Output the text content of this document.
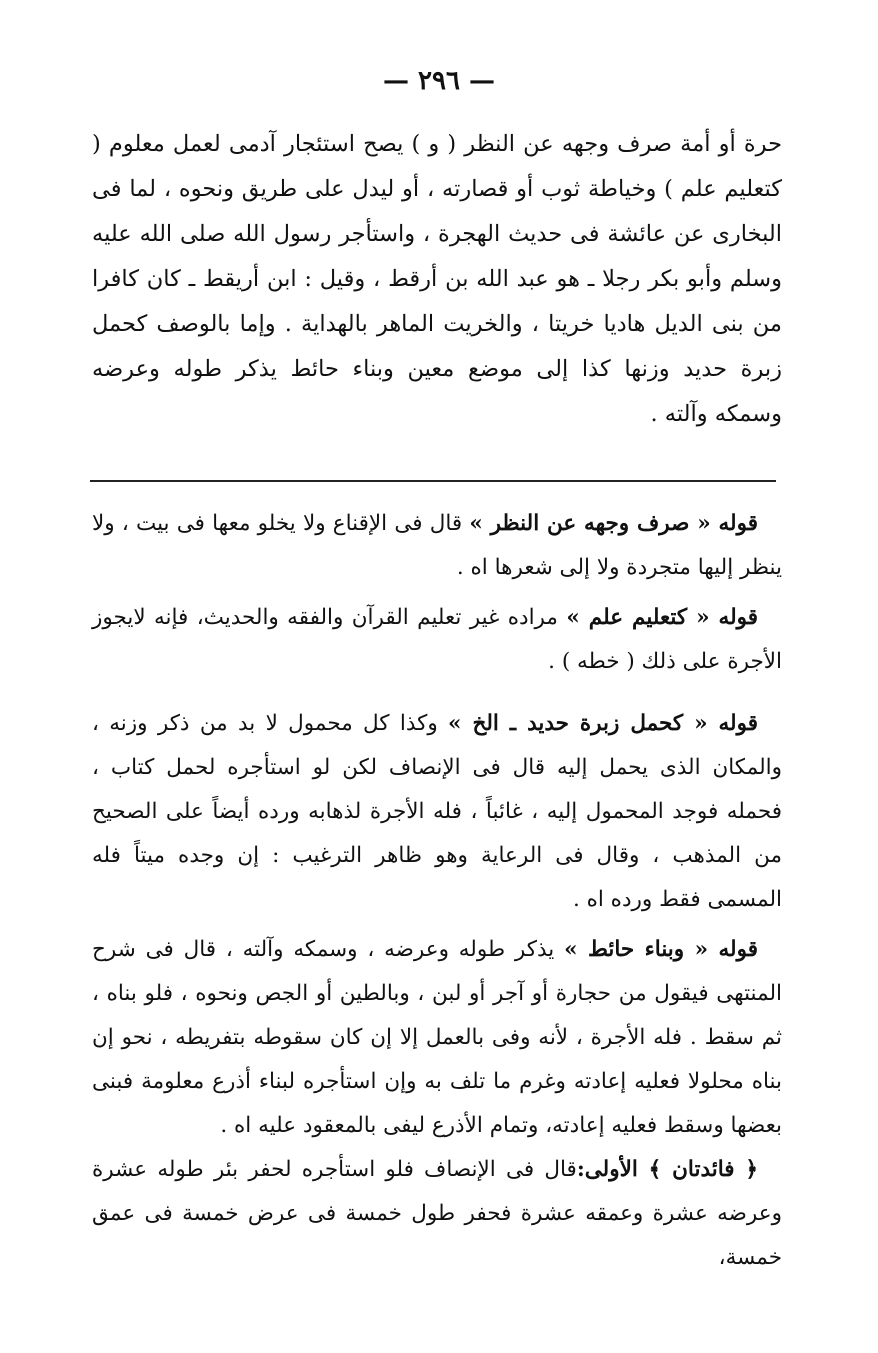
— ٢٩٦ —
حرة أو أمة صرف وجهه عن النظر ( و ) يصح استئجار آدمى لعمل معلوم ( كتعليم علم ) وخياطة ثوب أو قصارته ، أو ليدل على طريق ونحوه ، لما فى البخارى عن عائشة فى حديث الهجرة ، واستأجر رسول الله صلى الله عليه وسلم وأبو بكر رجلا ـ هو عبد الله بن أرقط ، وقيل : ابن أريقط ـ كان كافرا من بنى الديل هاديا خريتا ، والخريت الماهر بالهداية . وإما بالوصف كحمل زبرة حديد وزنها كذا إلى موضع معين وبناء حائط يذكر طوله وعرضه وسمكه وآلته .

قوله « صرف وجهه عن النظر » قال فى الإقناع ولا يخلو معها فى بيت ، ولا ينظر إليها متجردة ولا إلى شعرها اه .

قوله « كتعليم علم » مراده غير تعليم القرآن والفقه والحديث، فإنه لايجوز الأجرة على ذلك ( خطه ) .

قوله « كحمل زبرة حديد ـ الخ » وكذا كل محمول لا بد من ذكر وزنه ، والمكان الذى يحمل إليه قال فى الإنصاف لكن لو استأجره لحمل كتاب ، فحمله فوجد المحمول إليه ، غائباً ، فله الأجرة لذهابه ورده أيضاً على الصحيح من المذهب ، وقال فى الرعاية وهو ظاهر الترغيب : إن وجده ميتاً فله المسمى فقط ورده اه .

قوله « وبناء حائط » يذكر طوله وعرضه ، وسمكه وآلته ، قال فى شرح المنتهى فيقول من حجارة أو آجر أو لبن ، وبالطين أو الجص ونحوه ، فلو بناه ، ثم سقط . فله الأجرة ، لأنه وفى بالعمل إلا إن كان سقوطه بتفريطه ، نحو إن بناه محلولا فعليه إعادته وغرم ما تلف به وإن استأجره لبناء أذرع معلومة فبنى بعضها وسقط فعليه إعادته، وتمام الأذرع ليفى بالمعقود عليه اه .

﴿ فائدتان ﴾ الأولى:قال فى الإنصاف فلو استأجره لحفر بئر طوله عشرة وعرضه عشرة وعمقه عشرة فحفر طول خمسة فى عرض خمسة فى عمق خمسة،
